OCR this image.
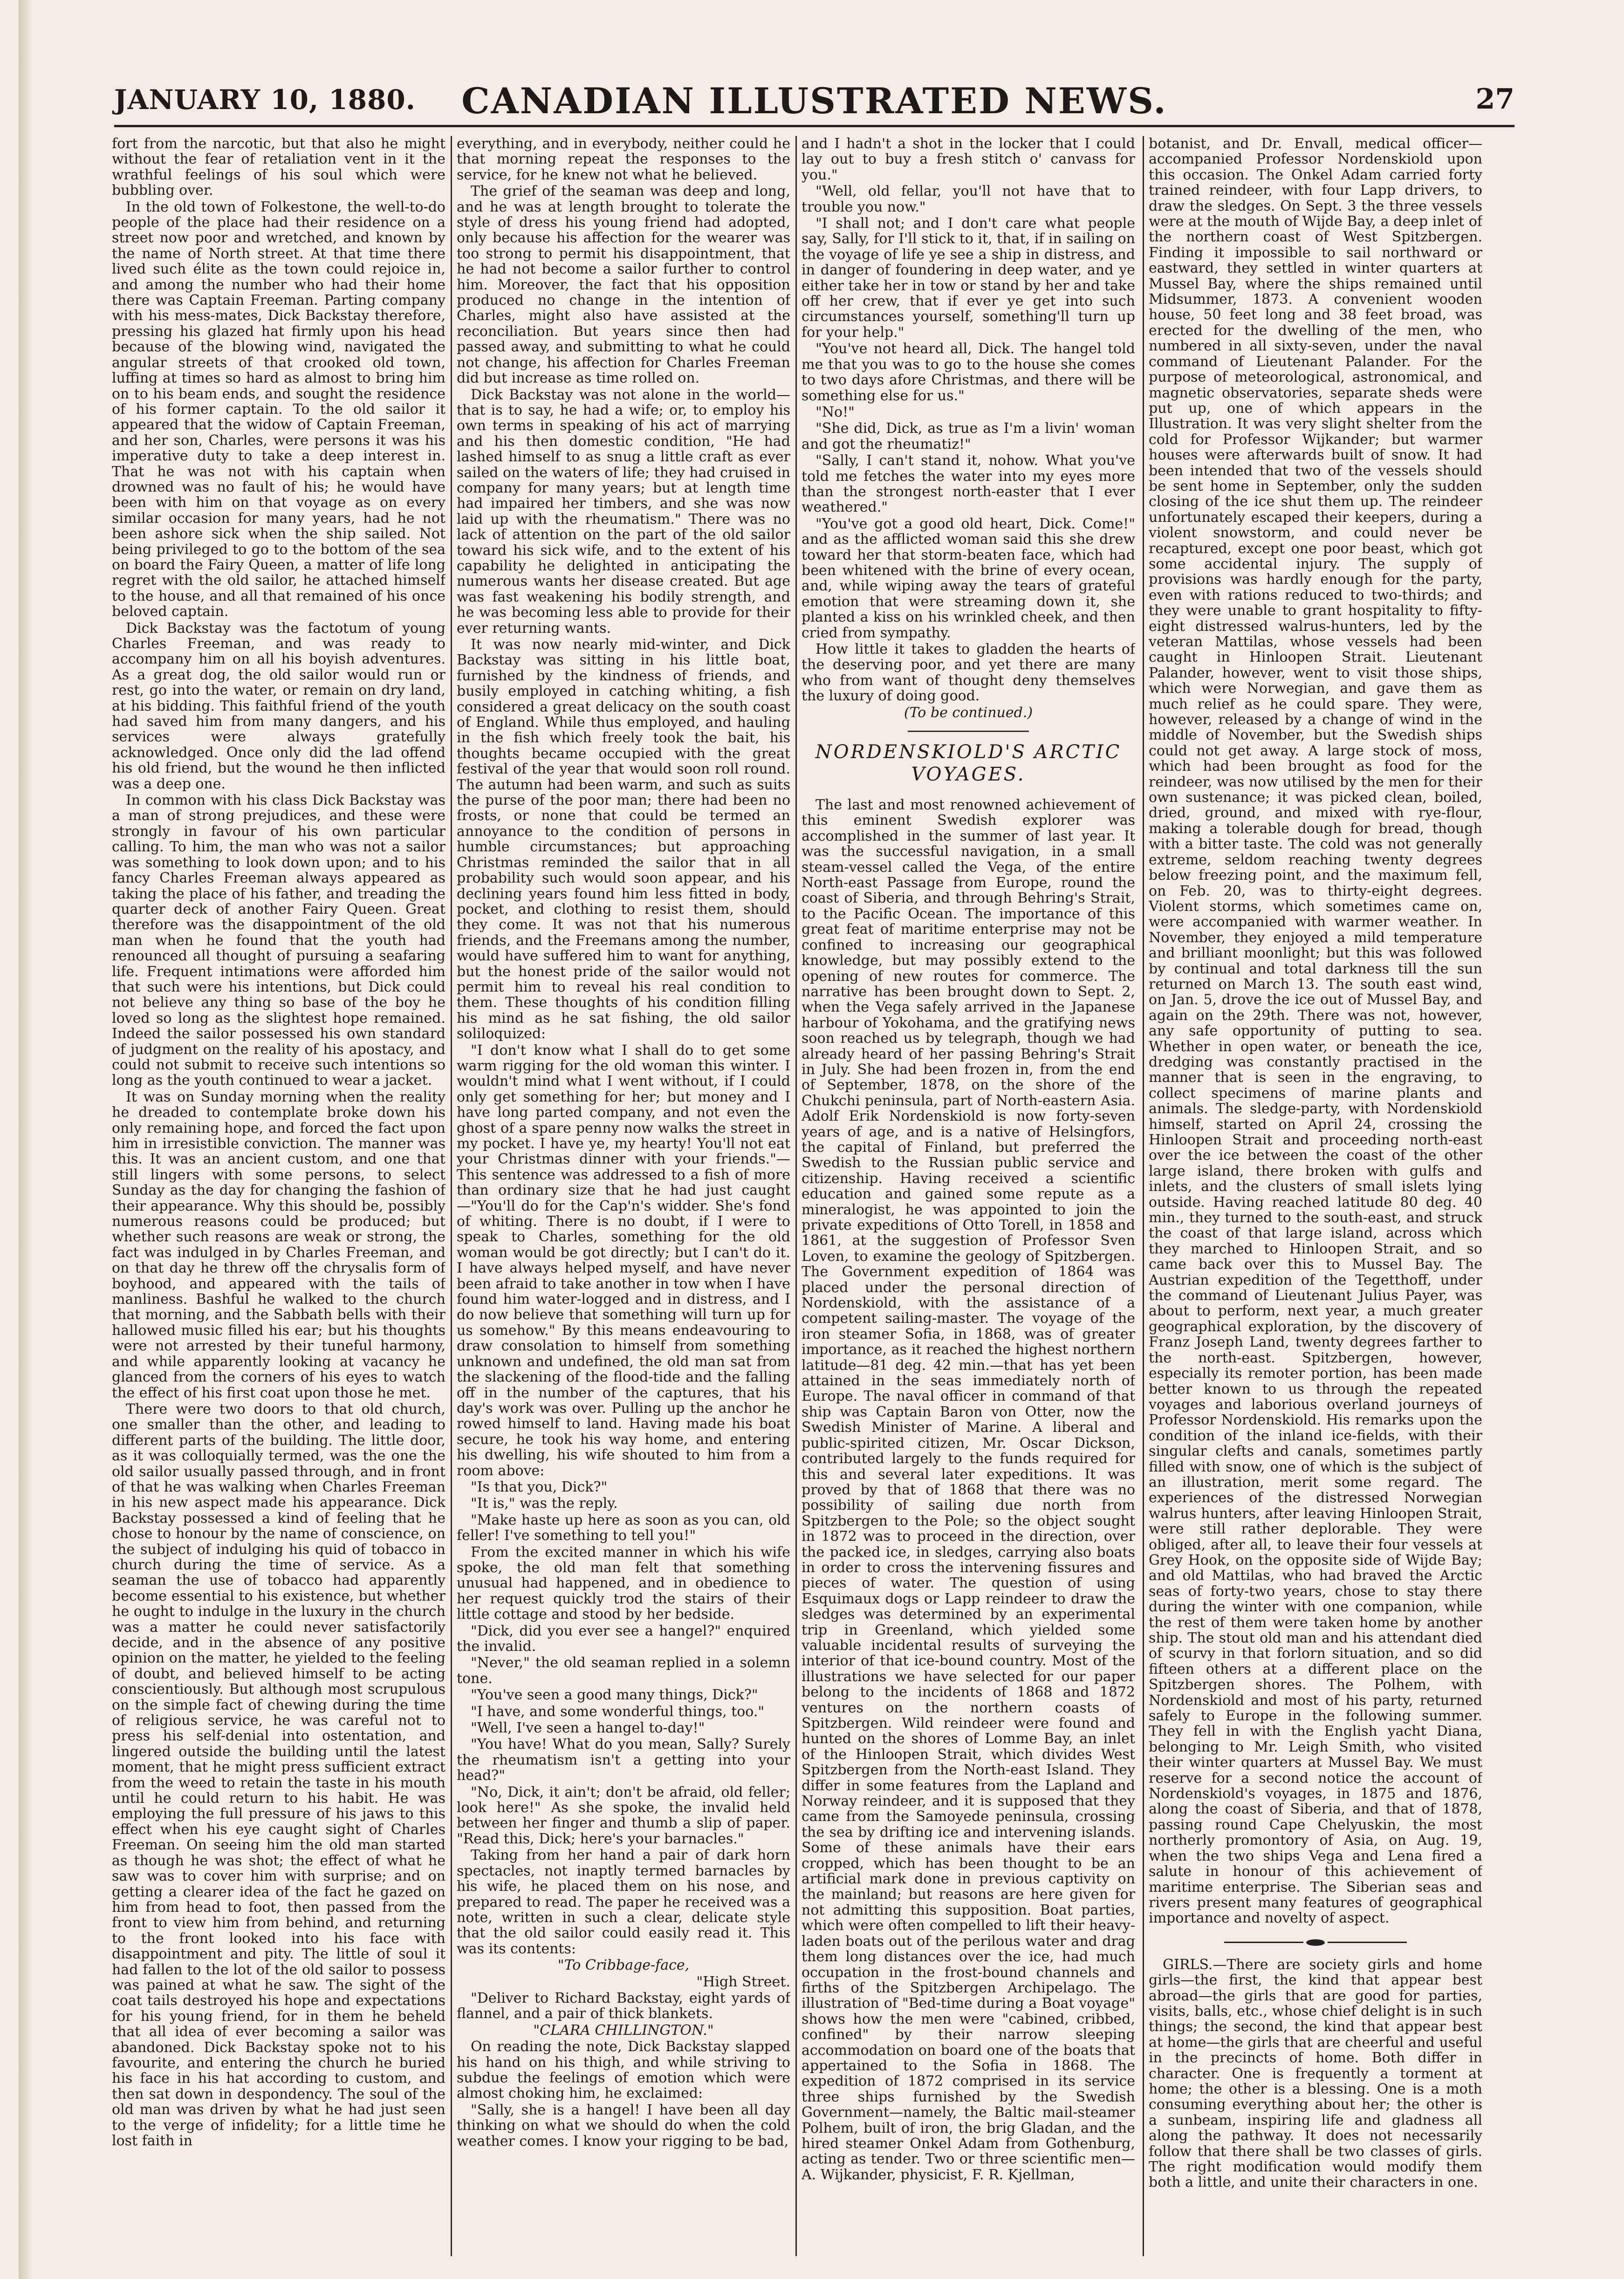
JANUARY 10, 1880.	CANADIAN ILLUSTRATED NEWS.	27

fort from the narcotic, but that also he might without the fear of retaliation vent in it the wrathful feelings of his soul which were bubbling over.

In the old town of Folkestone, the well-to-do people of the place had their residence on a street now poor and wretched, and known by the name of North street. At that time there lived such élite as the town could rejoice in, and among the number who had their home there was Captain Freeman. Parting company with his mess-mates, Dick Backstay therefore, pressing his glazed hat firmly upon his head because of the blowing wind, navigated the angular streets of that crooked old town, luffing at times so hard as almost to bring him on to his beam ends, and sought the residence of his former captain. To the old sailor it appeared that the widow of Captain Freeman, and her son, Charles, were persons it was his imperative duty to take a deep interest in. That he was not with his captain when drowned was no fault of his; he would have been with him on that voyage as on every similar occasion for many years, had he not been ashore sick when the ship sailed. Not being privileged to go to the bottom of the sea on board the Fairy Queen, a matter of life long regret with the old sailor, he attached himself to the house, and all that remained of his once beloved captain.

Dick Backstay was the factotum of young Charles Freeman, and was ready to accompany him on all his boyish adventures. As a great dog, the old sailor would run or rest, go into the water, or remain on dry land, at his bidding. This faithful friend of the youth had saved him from many dangers, and his services were always gratefully acknowledged. Once only did the lad offend his old friend, but the wound he then inflicted was a deep one.

In common with his class Dick Backstay was a man of strong prejudices, and these were strongly in favour of his own particular calling. To him, the man who was not a sailor was something to look down upon; and to his fancy Charles Freeman always appeared as taking the place of his father, and treading the quarter deck of another Fairy Queen. Great therefore was the disappointment of the old man when he found that the youth had renounced all thought of pursuing a seafaring life. Frequent intimations were afforded him that such were his intentions, but Dick could not believe any thing so base of the boy he loved so long as the slightest hope remained. Indeed the sailor possessed his own standard of judgment on the reality of his apostacy, and could not submit to receive such intentions so long as the youth continued to wear a jacket.

It was on Sunday morning when the reality he dreaded to contemplate broke down his only remaining hope, and forced the fact upon him in irresistible conviction. The manner was this. It was an ancient custom, and one that still lingers with some persons, to select Sunday as the day for changing the fashion of their appearance. Why this should be, possibly numerous reasons could be produced; but whether such reasons are weak or strong, the fact was indulged in by Charles Freeman, and on that day he threw off the chrysalis form of boyhood, and appeared with the tails of manliness. Bashful he walked to the church that morning, and the Sabbath bells with their hallowed music filled his ear; but his thoughts were not arrested by their tuneful harmony, and while apparently looking at vacancy he glanced from the corners of his eyes to watch the effect of his first coat upon those he met.

There were two doors to that old church, one smaller than the other, and leading to different parts of the building. The little door, as it was colloquially termed, was the one the old sailor usually passed through, and in front of that he was walking when Charles Freeman in his new aspect made his appearance. Dick Backstay possessed a kind of feeling that he chose to honour by the name of conscience, on the subject of indulging his quid of tobacco in church during the time of service. As a seaman the use of tobacco had apparently become essential to his existence, but whether he ought to indulge in the luxury in the church was a matter he could never satisfactorily decide, and in the absence of any positive opinion on the matter, he yielded to the feeling of doubt, and believed himself to be acting conscientiously. But although most scrupulous on the simple fact of chewing during the time of religious service, he was careful not to press his self-denial into ostentation, and lingered outside the building until the latest moment, that he might press sufficient extract from the weed to retain the taste in his mouth until he could return to his habit. He was employing the full pressure of his jaws to this effect when his eye caught sight of Charles Freeman. On seeing him the old man started as though he was shot; the effect of what he saw was to cover him with surprise; and on getting a clearer idea of the fact he gazed on him from head to foot, then passed from the front to view him from behind, and returning to the front looked into his face with disappointment and pity. The little of soul it had fallen to the lot of the old sailor to possess was pained at what he saw. The sight of the coat tails destroyed his hope and expectations for his young friend, for in them he beheld that all idea of ever becoming a sailor was abandoned. Dick Backstay spoke not to his favourite, and entering the church he buried his face in his hat according to custom, and then sat down in despondency. The soul of the old man was driven by what he had just seen to the verge of infidelity; for a little time he lost faith in

everything, and in everybody, neither could he that morning repeat the responses to the service, for he knew not what he believed.

The grief of the seaman was deep and long, and he was at length brought to tolerate the style of dress his young friend had adopted, only because his affection for the wearer was too strong to permit his disappointment, that he had not become a sailor further to control him. Moreover, the fact that his opposition produced no change in the intention of Charles, might also have assisted at the reconciliation. But years since then had passed away, and submitting to what he could not change, his affection for Charles Freeman did but increase as time rolled on.

Dick Backstay was not alone in the world—that is to say, he had a wife; or, to employ his own terms in speaking of his act of marrying and his then domestic condition, "He had lashed himself to as snug a little craft as ever sailed on the waters of life; they had cruised in company for many years; but at length time had impaired her timbers, and she was now laid up with the rheumatism." There was no lack of attention on the part of the old sailor toward his sick wife, and to the extent of his capability he delighted in anticipating the numerous wants her disease created. But age was fast weakening his bodily strength, and he was becoming less able to provide for their ever returning wants.

It was now nearly mid-winter, and Dick Backstay was sitting in his little boat, furnished by the kindness of friends, and busily employed in catching whiting, a fish considered a great delicacy on the south coast of England. While thus employed, and hauling in the fish which freely took the bait, his thoughts became occupied with the great festival of the year that would soon roll round. The autumn had been warm, and such as suits the purse of the poor man; there had been no frosts, or none that could be termed an annoyance to the condition of persons in humble circumstances; but approaching Christmas reminded the sailor that in all probability such would soon appear, and his declining years found him less fitted in body, pocket, and clothing to resist them, should they come. It was not that his numerous friends, and the Freemans among the number, would have suffered him to want for anything, but the honest pride of the sailor would not permit him to reveal his real condition to them. These thoughts of his condition filling his mind as he sat fishing, the old sailor soliloquized:

"I don't know what I shall do to get some warm rigging for the old woman this winter. I wouldn't mind what I went without, if I could only get something for her; but money and I have long parted company, and not even the ghost of a spare penny now walks the street in my pocket. I have ye, my hearty! You'll not eat your Christmas dinner with your friends."—This sentence was addressed to a fish of more than ordinary size that he had just caught—"You'll do for the Cap'n's widder. She's fond of whiting. There is no doubt, if I were to speak to Charles, something for the old woman would be got directly; but I can't do it. I have always helped myself, and have never been afraid to take another in tow when I have found him water-logged and in distress, and I do now believe that something will turn up for us somehow." By this means endeavouring to draw consolation to himself from something unknown and undefined, the old man sat from the slackening of the flood-tide and the falling off in the number of the captures, that his day's work was over. Pulling up the anchor he rowed himself to land. Having made his boat secure, he took his way home, and entering his dwelling, his wife shouted to him from a room above:

"Is that you, Dick?"

"It is," was the reply.

"Make haste up here as soon as you can, old feller! I've something to tell you!"

From the excited manner in which his wife spoke, the old man felt that something unusual had happened, and in obedience to her request quickly trod the stairs of their little cottage and stood by her bedside.

"Dick, did you ever see a hangel?" enquired the invalid.

"Never," the old seaman replied in a solemn tone.

"You've seen a good many things, Dick?"

"I have, and some wonderful things, too."

"Well, I've seen a hangel to-day!"

"You have! What do you mean, Sally? Surely the rheumatism isn't a getting into your head?"

"No, Dick, it ain't; don't be afraid, old feller; look here!" As she spoke, the invalid held between her finger and thumb a slip of paper. "Read this, Dick; here's your barnacles."

Taking from her hand a pair of dark horn spectacles, not inaptly termed barnacles by his wife, he placed them on his nose, and prepared to read. The paper he received was a note, written in such a clear, delicate style that the old sailor could easily read it. This was its contents:

"To Cribbage-face,

"High Street.

"Deliver to Richard Backstay, eight yards of flannel, and a pair of thick blankets.

"CLARA CHILLINGTON."

On reading the note, Dick Backstay slapped his hand on his thigh, and while striving to subdue the feelings of emotion which were almost choking him, he exclaimed:

"Sally, she is a hangel! I have been all day thinking on what we should do when the cold weather comes. I know your rigging to be bad,

and I hadn't a shot in the locker that I could lay out to buy a fresh stitch o' canvass for you."

"Well, old fellar, you'll not have that to trouble you now."

"I shall not; and I don't care what people say, Sally, for I'll stick to it, that, if in sailing on the voyage of life ye see a ship in distress, and in danger of foundering in deep water, and ye either take her in tow or stand by her and take off her crew, that if ever ye get into such circumstances yourself, something'll turn up for your help."

"You've not heard all, Dick. The hangel told me that you was to go to the house she comes to two days afore Christmas, and there will be something else for us."

"No!"

"She did, Dick, as true as I'm a livin' woman and got the rheumatiz!"

"Sally, I can't stand it, nohow. What you've told me fetches the water into my eyes more than the strongest north-easter that I ever weathered."

"You've got a good old heart, Dick. Come!" and as the afflicted woman said this she drew toward her that storm-beaten face, which had been whitened with the brine of every ocean, and, while wiping away the tears of grateful emotion that were streaming down it, she planted a kiss on his wrinkled cheek, and then cried from sympathy.

How little it takes to gladden the hearts of the deserving poor, and yet there are many who from want of thought deny themselves the luxury of doing good.

(To be continued.)

NORDENSKIOLD'S ARCTIC
VOYAGES.

The last and most renowned achievement of this eminent Swedish explorer was accomplished in the summer of last year. It was the successful navigation, in a small steam-vessel called the Vega, of the entire North-east Passage from Europe, round the coast of Siberia, and through Behring's Strait, to the Pacific Ocean. The importance of this great feat of maritime enterprise may not be confined to increasing our geographical knowledge, but may possibly extend to the opening of new routes for commerce. The narrative has been brought down to Sept. 2, when the Vega safely arrived in the Japanese harbour of Yokohama, and the gratifying news soon reached us by telegraph, though we had already heard of her passing Behring's Strait in July. She had been frozen in, from the end of September, 1878, on the shore of the Chukchi peninsula, part of North-eastern Asia. Adolf Erik Nordenskiold is now forty-seven years of age, and is a native of Helsingfors, the capital of Finland, but preferred the Swedish to the Russian public service and citizenship. Having received a scientific education and gained some repute as a mineralogist, he was appointed to join the private expeditions of Otto Torell, in 1858 and 1861, at the suggestion of Professor Sven Loven, to examine the geology of Spitzbergen. The Government expedition of 1864 was placed under the personal direction of Nordenskiold, with the assistance of a competent sailing-master. The voyage of the iron steamer Sofia, in 1868, was of greater importance, as it reached the highest northern latitude—81 deg. 42 min.—that has yet been attained in the seas immediately north of Europe. The naval officer in command of that ship was Captain Baron von Otter, now the Swedish Minister of Marine. A liberal and public-spirited citizen, Mr. Oscar Dickson, contributed largely to the funds required for this and several later expeditions. It was proved by that of 1868 that there was no possibility of sailing due north from Spitzbergen to the Pole; so the object sought in 1872 was to proceed in the direction, over the packed ice, in sledges, carrying also boats in order to cross the intervening fissures and pieces of water. The question of using Esquimaux dogs or Lapp reindeer to draw the sledges was determined by an experimental trip in Greenland, which yielded some valuable incidental results of surveying the interior of that ice-bound country. Most of the illustrations we have selected for our paper belong to the incidents of 1868 and 1872 ventures on the northern coasts of Spitzbergen. Wild reindeer were found and hunted on the shores of Lomme Bay, an inlet of the Hinloopen Strait, which divides West Spitzbergen from the North-east Island. They differ in some features from the Lapland and Norway reindeer, and it is supposed that they came from the Samoyede peninsula, crossing the sea by drifting ice and intervening islands. Some of these animals have their ears cropped, which has been thought to be an artificial mark done in previous captivity on the mainland; but reasons are here given for not admitting this supposition. Boat parties, which were often compelled to lift their heavy-laden boats out of the perilous water and drag them long distances over the ice, had much occupation in the frost-bound channels and firths of the Spitzbergen Archipelago. The illustration of "Bed-time during a Boat voyage" shows how the men were "cabined, cribbed, confined" by their narrow sleeping accommodation on board one of the boats that appertained to the Sofia in 1868. The expedition of 1872 comprised in its service three ships furnished by the Swedish Government—namely, the Baltic mail-steamer Polhem, built of iron, the brig Gladan, and the hired steamer Onkel Adam from Gothenburg, acting as tender. Two or three scientific men—A. Wijkander, physicist, F. R. Kjellman,

botanist, and Dr. Envall, medical officer—accompanied Professor Nordenskiold upon this occasion. The Onkel Adam carried forty trained reindeer, with four Lapp drivers, to draw the sledges. On Sept. 3 the three vessels were at the mouth of Wijde Bay, a deep inlet of the northern coast of West Spitzbergen. Finding it impossible to sail northward or eastward, they settled in winter quarters at Mussel Bay, where the ships remained until Midsummer, 1873. A convenient wooden house, 50 feet long and 38 feet broad, was erected for the dwelling of the men, who numbered in all sixty-seven, under the naval command of Lieutenant Palander. For the purpose of meteorological, astronomical, and magnetic observatories, separate sheds were put up, one of which appears in the Illustration. It was very slight shelter from the cold for Professor Wijkander; but warmer houses were afterwards built of snow. It had been intended that two of the vessels should be sent home in September, only the sudden closing of the ice shut them up. The reindeer unfortunately escaped their keepers, during a violent snowstorm, and could never be recaptured, except one poor beast, which got some accidental injury. The supply of provisions was hardly enough for the party, even with rations reduced to two-thirds; and they were unable to grant hospitality to fifty-eight distressed walrus-hunters, led by the veteran Mattilas, whose vessels had been caught in Hinloopen Strait. Lieutenant Palander, however, went to visit those ships, which were Norwegian, and gave them as much relief as he could spare. They were, however, released by a change of wind in the middle of November, but the Swedish ships could not get away. A large stock of moss, which had been brought as food for the reindeer, was now utilised by the men for their own sustenance; it was picked clean, boiled, dried, ground, and mixed with rye-flour, making a tolerable dough for bread, though with a bitter taste. The cold was not generally extreme, seldom reaching twenty degrees below freezing point, and the maximum fell, on Feb. 20, was to thirty-eight degrees. Violent storms, which sometimes came on, were accompanied with warmer weather. In November, they enjoyed a mild temperature and brilliant moonlight; but this was followed by continual and total darkness till the sun returned on March 13. The south east wind, on Jan. 5, drove the ice out of Mussel Bay, and again on the 29th. There was not, however, any safe opportunity of putting to sea. Whether in open water, or beneath the ice, dredging was constantly practised in the manner that is seen in the engraving, to collect specimens of marine plants and animals. The sledge-party, with Nordenskiold himself, started on April 24, crossing the Hinloopen Strait and proceeding north-east over the ice between the coast of the other large island, there broken with gulfs and inlets, and the clusters of small islets lying outside. Having reached latitude 80 deg. 40 min., they turned to the south-east, and struck the coast of that large island, across which they marched to Hinloopen Strait, and so came back over this to Mussel Bay. The Austrian expedition of the Tegetthoff, under the command of Lieutenant Julius Payer, was about to perform, next year, a much greater geographical exploration, by the discovery of Franz Joseph Land, twenty degrees farther to the north-east. Spitzbergen, however, especially its remoter portion, has been made better known to us through the repeated voyages and laborious overland journeys of Professor Nordenskiold. His remarks upon the condition of the inland ice-fields, with their singular clefts and canals, sometimes partly filled with snow, one of which is the subject of an illustration, merit some regard. The experiences of the distressed Norwegian walrus hunters, after leaving Hinloopen Strait, were still rather deplorable. They were obliged, after all, to leave their four vessels at Grey Hook, on the opposite side of Wijde Bay; and old Mattilas, who had braved the Arctic seas of forty-two years, chose to stay there during the winter with one companion, while the rest of them were taken home by another ship. The stout old man and his attendant died of scurvy in that forlorn situation, and so did fifteen others at a different place on the Spitzbergen shores. The Polhem, with Nordenskiold and most of his party, returned safely to Europe in the following summer. They fell in with the English yacht Diana, belonging to Mr. Leigh Smith, who visited their winter quarters at Mussel Bay. We must reserve for a second notice the account of Nordenskiold's voyages, in 1875 and 1876, along the coast of Siberia, and that of 1878, passing round Cape Chelyuskin, the most northerly promontory of Asia, on Aug. 19, when the two ships Vega and Lena fired a salute in honour of this achievement of maritime enterprise. The Siberian seas and rivers present many features of geographical importance and novelty of aspect.

GIRLS.—There are society girls and home girls—the first, the kind that appear best abroad—the girls that are good for parties, visits, balls, etc., whose chief delight is in such things; the second, the kind that appear best at home—the girls that are cheerful and useful in the precincts of home. Both differ in character. One is frequently a torment at home; the other is a blessing. One is a moth consuming everything about her; the other is a sunbeam, inspiring life and gladness all along the pathway. It does not necessarily follow that there shall be two classes of girls. The right modification would modify them both a little, and unite their characters in one.
